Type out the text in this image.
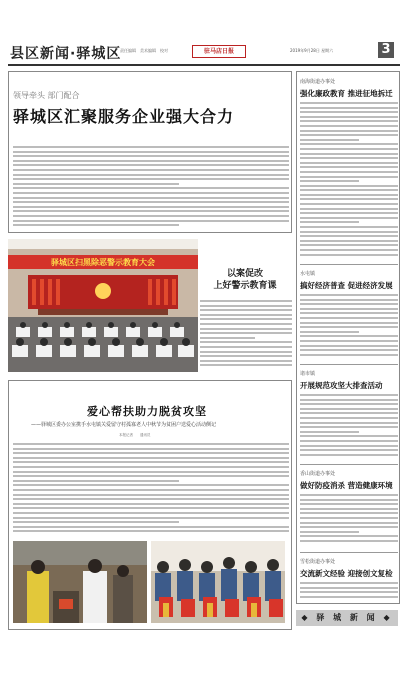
县区新闻·驿城区
责任编辑　美术编辑　校对	驻马店日报	2019年9月28日 星期六	3
领导牵头 部门配合
驿城区汇聚服务企业强大合力
驿城区扫黑除恶警示教育大会
以案促改
上好警示教育课
爱心帮扶助力脱贫攻坚
——驿城区委办公室携手水屯镇关爱留守村孤寡老人中秋节为贫困户送爱心活动侧记
本报记者　　通讯员
南海街道办事处
强化廉政教育 推进征地拆迁
水屯镇
搞好经济普查 促进经济发展
诸市镇
开展规范攻坚大排查活动
香山街道办事处
做好防疫消杀 营造健康环境
雪松街道办事处
交流新文经验 迎接创文复检
◆ 驿 城 新 闻 ◆
